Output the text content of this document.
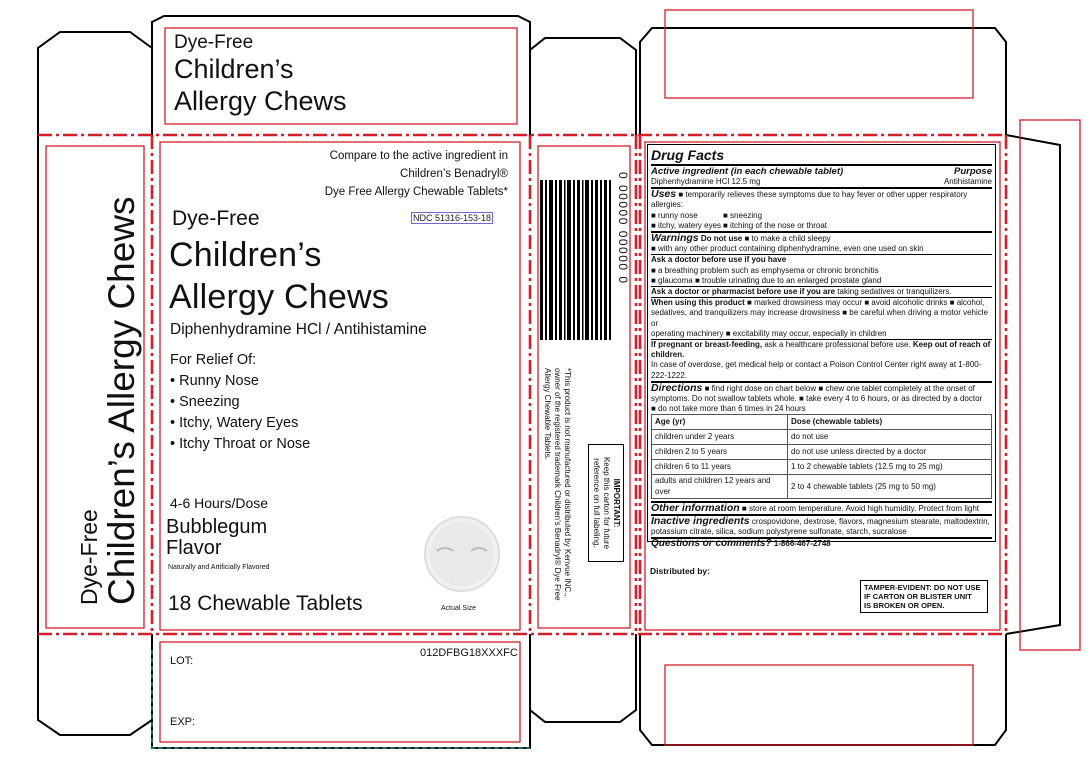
Dye-Free
Children’s
Allergy Chews
Dye-Free Children’s Allergy Chews
Compare to the active ingredient in
Children’s Benadryl®
Dye Free Allergy Chewable Tablets*
NDC 51316-153-18
Dye-Free
Children’s
Allergy Chews
Diphenhydramine HCl / Antihistamine
For Relief Of:
• Runny Nose
• Sneezing
• Itchy, Watery Eyes
• Itchy Throat or Nose
4-6 Hours/Dose
Bubblegum
Flavor
Naturally and Artificially Flavored
18 Chewable Tablets	Actual Size
LOT:
EXP:
012DFBG18XXXFC
0 00000 00000 0
*This product is not manufactured or distributed by Kenvue INC.,
owner of the registered trademark Children’s Benadryl® Dye Free
Allergy Chewable Tablets.
IMPORTANT:
Keep this carton for future
reference on full labeling.
Drug Facts
Active ingredient (in each chewable tablet)	Purpose
Diphenhydramine HCl 12.5 mg	Antihistamine
Uses ■ temporarily relieves these symptoms due to hay fever or other upper respiratory allergies:
■ runny nose	■ sneezing
■ itchy, watery eyes ■ itching of the nose or throat
Warnings Do not use ■ to make a child sleepy
■ with any other product containing diphenhydramine, even one used on skin
Ask a doctor before use if you have
■ a breathing problem such as emphysema or chronic bronchitis
■ glaucoma ■ trouble urinating due to an enlarged prostate gland
Ask a doctor or pharmacist before use if you are taking sedatives or tranquilizers.
When using this product ■ marked drowsiness may occur ■ avoid alcoholic drinks ■ alcohol,
sedatives, and tranquilizers may increase drowsiness ■ be careful when driving a motor vehicle or
operating machinery ■ excitability may occur, especially in children
If pregnant or breast-feeding, ask a healthcare professional before use. Keep out of reach of children.
In case of overdose, get medical help or contact a Poison Control Center right away at 1-800-222-1222.
Directions ■ find right dose on chart below ■ chew one tablet completely at the onset of
symptoms. Do not swallow tablets whole. ■ take every 4 to 6 hours, or as directed by a doctor
■ do not take more than 6 times in 24 hours
Age (yr)	Dose (chewable tablets)
children under 2 years	do not use
children 2 to 5 years	do not use unless directed by a doctor
children 6 to 11 years	1 to 2 chewable tablets (12.5 mg to 25 mg)
adults and children 12 years and over	2 to 4 chewable tablets (25 mg to 50 mg)
Other information ■ store at room temperature. Avoid high humidity. Protect from light
Inactive ingredients crospovidone, dextrose, flavors, magnesium stearate, maltodextrin,
potassium citrate, silica, sodium polystyrene sulfonate, starch, sucralose
Questions or comments? 1-866-467-2748
Distributed by:
TAMPER-EVIDENT: DO NOT USE
IF CARTON OR BLISTER UNIT
IS BROKEN OR OPEN.
